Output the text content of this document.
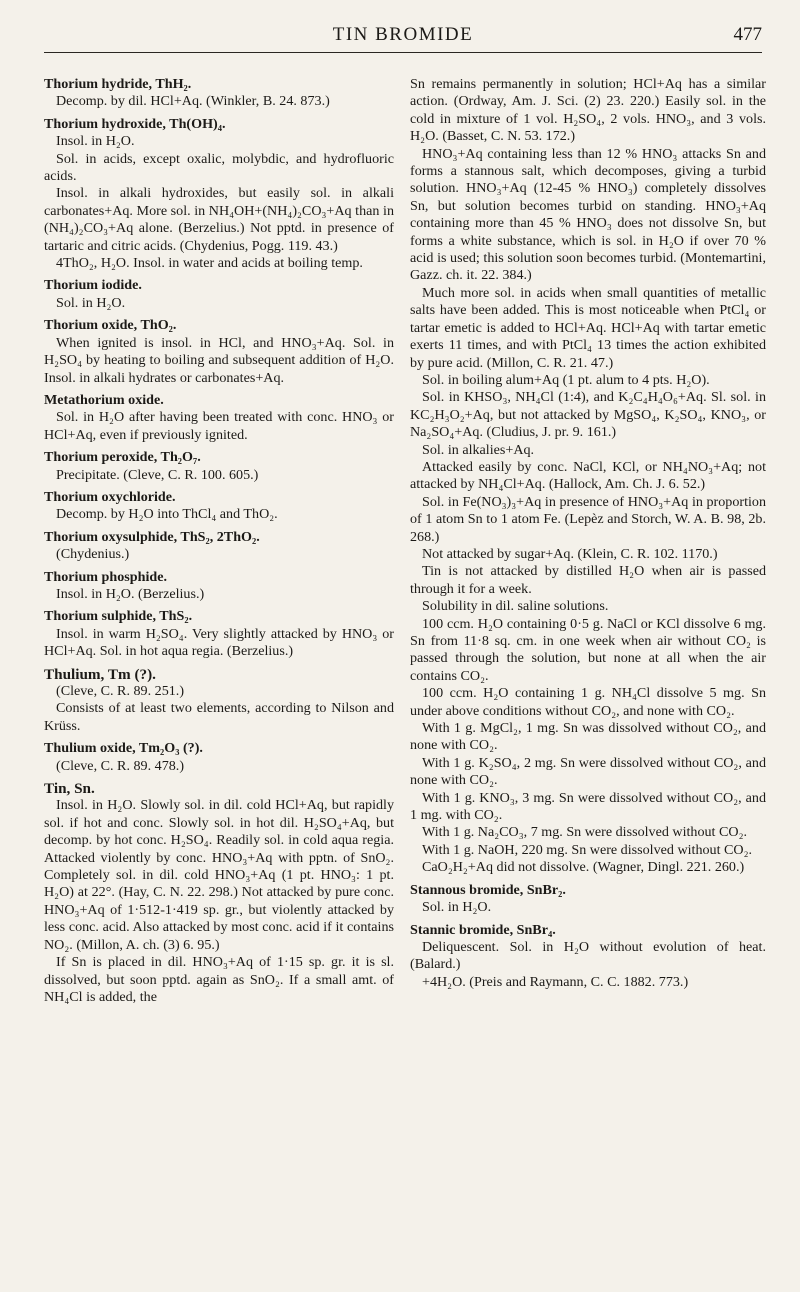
TIN BROMIDE	477

Thorium hydride, ThH₂.

Decomp. by dil. HCl+Aq. (Winkler, B. 24. 873.)

Thorium hydroxide, Th(OH)₄.

Insol. in H₂O.

Sol. in acids, except oxalic, molybdic, and hydrofluoric acids.

Insol. in alkali hydroxides, but easily sol. in alkali carbonates+Aq. More sol. in NH₄OH+(NH₄)₂CO₃+Aq than in (NH₄)₂CO₃+Aq alone. (Berzelius.) Not pptd. in presence of tartaric and citric acids. (Chydenius, Pogg. 119. 43.)

4ThO₂, H₂O. Insol. in water and acids at boiling temp.

Thorium iodide.

Sol. in H₂O.

Thorium oxide, ThO₂.

When ignited is insol. in HCl, and HNO₃+Aq. Sol. in H₂SO₄ by heating to boiling and subsequent addition of H₂O. Insol. in alkali hydrates or carbonates+Aq.

Metathorium oxide.

Sol. in H₂O after having been treated with conc. HNO₃ or HCl+Aq, even if previously ignited.

Thorium peroxide, Th₂O₇.

Precipitate. (Cleve, C. R. 100. 605.)

Thorium oxychloride.

Decomp. by H₂O into ThCl₄ and ThO₂.

Thorium oxysulphide, ThS₂, 2ThO₂.

(Chydenius.)

Thorium phosphide.

Insol. in H₂O. (Berzelius.)

Thorium sulphide, ThS₂.

Insol. in warm H₂SO₄. Very slightly attacked by HNO₃ or HCl+Aq. Sol. in hot aqua regia. (Berzelius.)

Thulium, Tm (?).

(Cleve, C. R. 89. 251.)

Consists of at least two elements, according to Nilson and Krüss.

Thulium oxide, Tm₂O₃ (?).

(Cleve, C. R. 89. 478.)

Tin, Sn.

Insol. in H₂O. Slowly sol. in dil. cold HCl+Aq, but rapidly sol. if hot and conc. Slowly sol. in hot dil. H₂SO₄+Aq, but decomp. by hot conc. H₂SO₄. Readily sol. in cold aqua regia. Attacked violently by conc. HNO₃+Aq with pptn. of SnO₂. Completely sol. in dil. cold HNO₃+Aq (1 pt. HNO₃: 1 pt. H₂O) at 22°. (Hay, C. N. 22. 298.) Not attacked by pure conc. HNO₃+Aq of 1·512-1·419 sp. gr., but violently attacked by less conc. acid. Also attacked by most conc. acid if it contains NO₂. (Millon, A. ch. (3) 6. 95.)

If Sn is placed in dil. HNO₃+Aq of 1·15 sp. gr. it is sl. dissolved, but soon pptd. again as SnO₂. If a small amt. of NH₄Cl is added, the

Sn remains permanently in solution; HCl+Aq has a similar action. (Ordway, Am. J. Sci. (2) 23. 220.) Easily sol. in the cold in mixture of 1 vol. H₂SO₄, 2 vols. HNO₃, and 3 vols. H₂O. (Basset, C. N. 53. 172.)

HNO₃+Aq containing less than 12 % HNO₃ attacks Sn and forms a stannous salt, which decomposes, giving a turbid solution. HNO₃+Aq (12-45 % HNO₃) completely dissolves Sn, but solution becomes turbid on standing. HNO₃+Aq containing more than 45 % HNO₃ does not dissolve Sn, but forms a white substance, which is sol. in H₂O if over 70 % acid is used; this solution soon becomes turbid. (Montemartini, Gazz. ch. it. 22. 384.)

Much more sol. in acids when small quantities of metallic salts have been added. This is most noticeable when PtCl₄ or tartar emetic is added to HCl+Aq. HCl+Aq with tartar emetic exerts 11 times, and with PtCl₄ 13 times the action exhibited by pure acid. (Millon, C. R. 21. 47.)

Sol. in boiling alum+Aq (1 pt. alum to 4 pts. H₂O).

Sol. in KHSO₃, NH₄Cl (1:4), and K₂C₄H₄O₆+Aq. Sl. sol. in KC₂H₃O₂+Aq, but not attacked by MgSO₄, K₂SO₄, KNO₃, or Na₂SO₄+Aq. (Cludius, J. pr. 9. 161.)

Sol. in alkalies+Aq.

Attacked easily by conc. NaCl, KCl, or NH₄NO₃+Aq; not attacked by NH₄Cl+Aq. (Hallock, Am. Ch. J. 6. 52.)

Sol. in Fe(NO₃)₃+Aq in presence of HNO₃+Aq in proportion of 1 atom Sn to 1 atom Fe. (Lepèz and Storch, W. A. B. 98, 2b. 268.)

Not attacked by sugar+Aq. (Klein, C. R. 102. 1170.)

Tin is not attacked by distilled H₂O when air is passed through it for a week.

Solubility in dil. saline solutions.

100 ccm. H₂O containing 0·5 g. NaCl or KCl dissolve 6 mg. Sn from 11·8 sq. cm. in one week when air without CO₂ is passed through the solution, but none at all when the air contains CO₂.

100 ccm. H₂O containing 1 g. NH₄Cl dissolve 5 mg. Sn under above conditions without CO₂, and none with CO₂.

With 1 g. MgCl₂, 1 mg. Sn was dissolved without CO₂, and none with CO₂.

With 1 g. K₂SO₄, 2 mg. Sn were dissolved without CO₂, and none with CO₂.

With 1 g. KNO₃, 3 mg. Sn were dissolved without CO₂, and 1 mg. with CO₂.

With 1 g. Na₂CO₃, 7 mg. Sn were dissolved without CO₂.

With 1 g. NaOH, 220 mg. Sn were dissolved without CO₂.

CaO₂H₂+Aq did not dissolve. (Wagner, Dingl. 221. 260.)

Stannous bromide, SnBr₂.

Sol. in H₂O.

Stannic bromide, SnBr₄.

Deliquescent. Sol. in H₂O without evolution of heat. (Balard.)

+4H₂O. (Preis and Raymann, C. C. 1882. 773.)
